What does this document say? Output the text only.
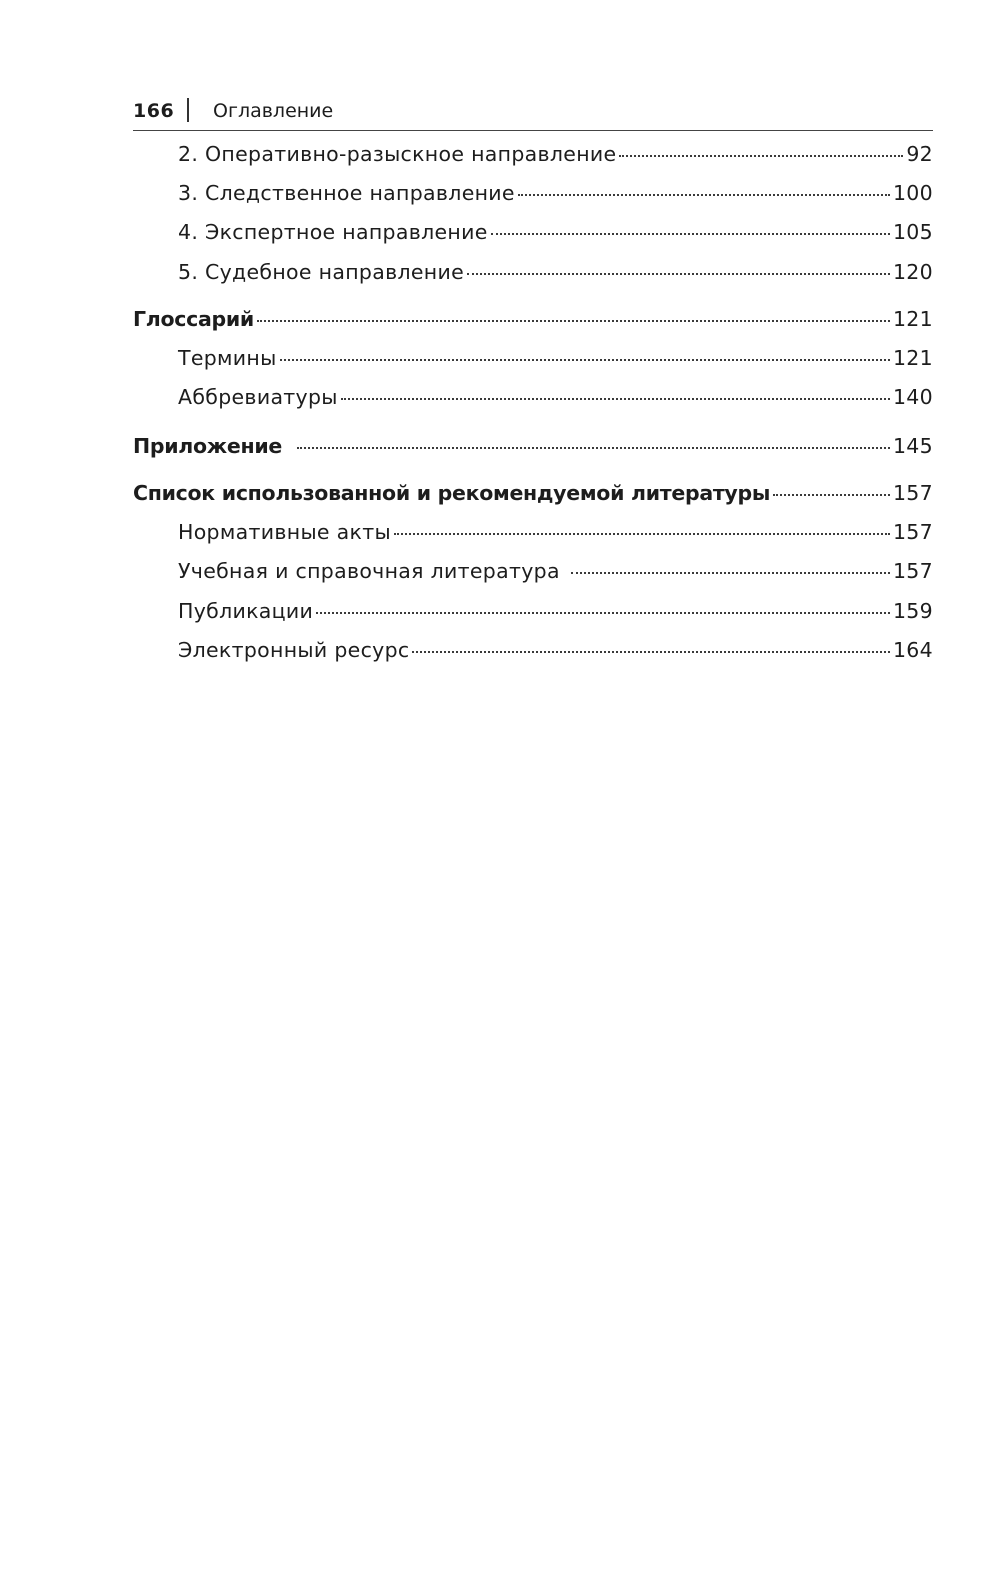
166 Оглавление
2. Оперативно-разыскное направление	92
3. Следственное направление	100
4. Экспертное направление	105
5. Судебное направление	120
Глоссарий	121
Термины	121
Аббревиатуры	140
Приложение	145
Список использованной и рекомендуемой литературы	157
Нормативные акты	157
Учебная и справочная литература	157
Публикации	159
Электронный ресурс	164
